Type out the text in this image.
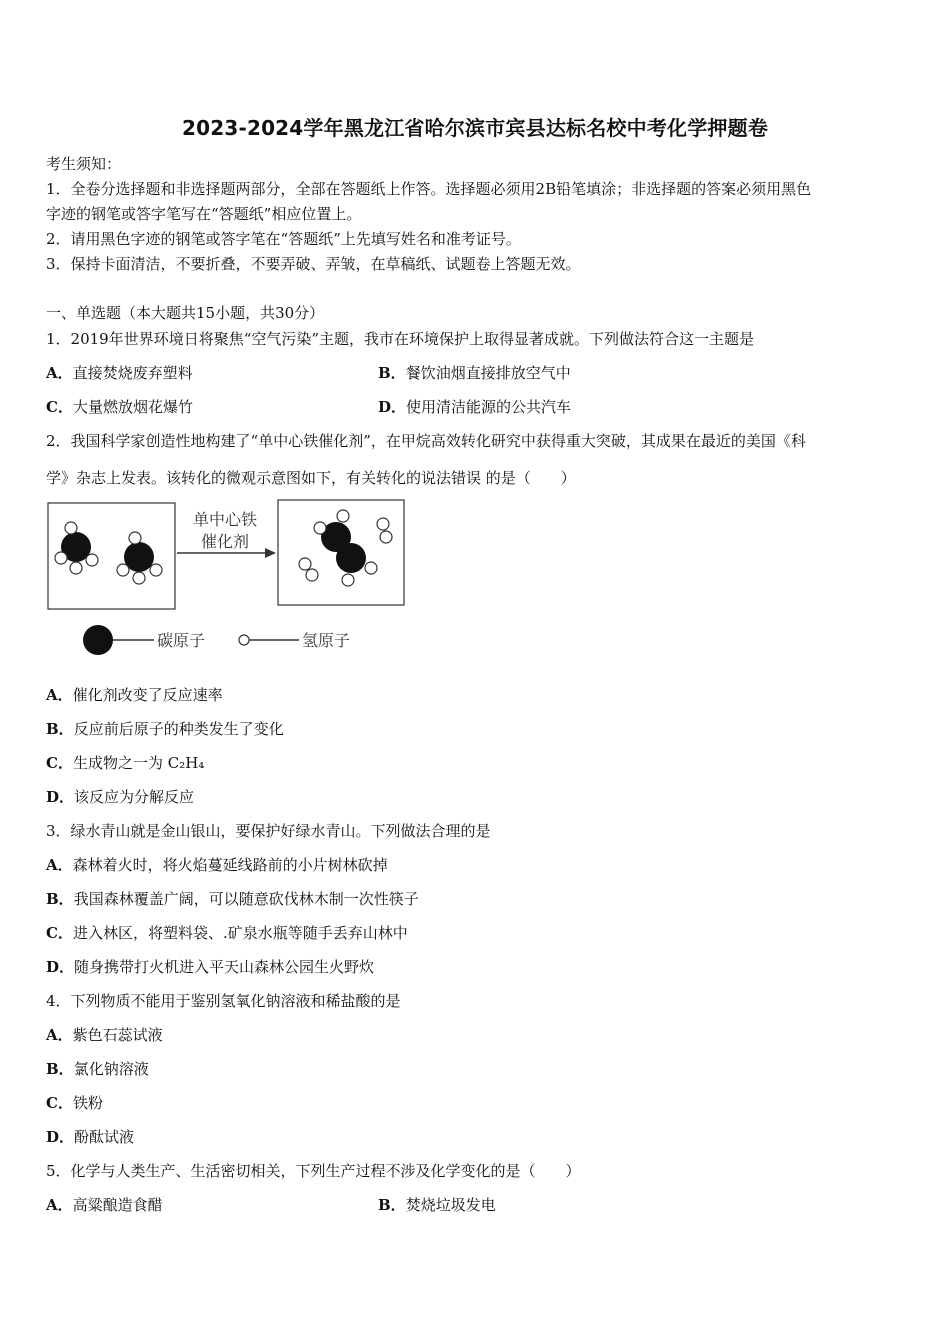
2023-2024学年黑龙江省哈尔滨市宾县达标名校中考化学押题卷
考生须知：
1．全卷分选择题和非选择题两部分，全部在答题纸上作答。选择题必须用2B铅笔填涂；非选择题的答案必须用黑色
字迹的钢笔或答字笔写在“答题纸”相应位置上。
2．请用黑色字迹的钢笔或答字笔在“答题纸”上先填写姓名和准考证号。
3．保持卡面清洁，不要折叠，不要弄破、弄皱，在草稿纸、试题卷上答题无效。
一、单选题（本大题共15小题，共30分）
1．2019年世界环境日将聚焦“空气污染”主题，我市在环境保护上取得显著成就。下列做法符合这一主题是
A．直接焚烧废弃塑料	B．餐饮油烟直接排放空气中
C．大量燃放烟花爆竹	D．使用清洁能源的公共汽车
2．我国科学家创造性地构建了“单中心铁催化剂”，在甲烷高效转化研究中获得重大突破，其成果在最近的美国《科
学》杂志上发表。该转化的微观示意图如下，有关转化的说法错误 的是（　　）
单中心铁
催化剂
碳原子	氢原子
A．催化剂改变了反应速率
B．反应前后原子的种类发生了变化
C．生成物之一为 C₂H₄
D．该反应为分解反应
3．绿水青山就是金山银山，要保护好绿水青山。下列做法合理的是
A．森林着火时，将火焰蔓延线路前的小片树林砍掉
B．我国森林覆盖广阔，可以随意砍伐林木制一次性筷子
C．进入林区，将塑料袋、.矿泉水瓶等随手丢弃山林中
D．随身携带打火机进入平天山森林公园生火野炊
4．下列物质不能用于鉴别氢氧化钠溶液和稀盐酸的是
A．紫色石蕊试液
B．氯化钠溶液
C．铁粉
D．酚酞试液
5．化学与人类生产、生活密切相关，下列生产过程不涉及化学变化的是（　　）
A．高粱酿造食醋	B．焚烧垃圾发电
